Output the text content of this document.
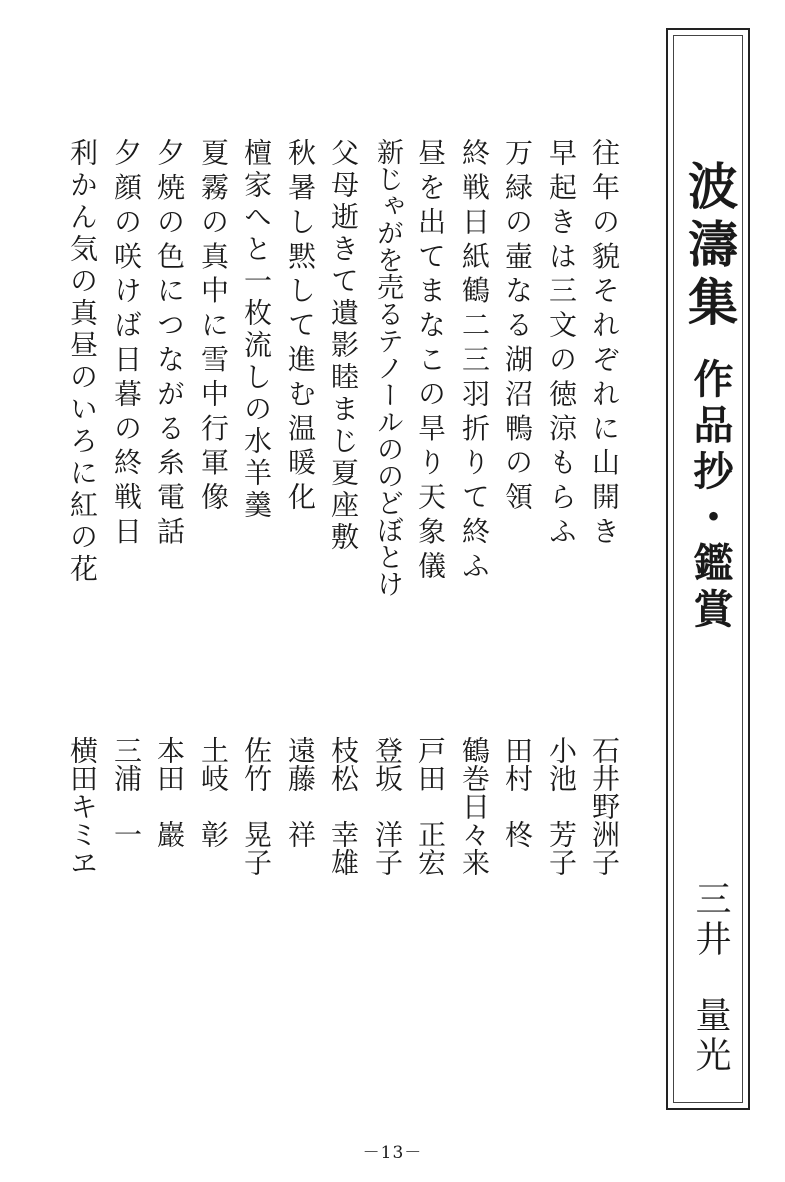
波濤集
作品抄・鑑賞
三井量光
往年の貌それぞれに山開き
石井野洲子
早起きは三文の徳涼もらふ
小池　芳子
万緑の壷なる湖沼鴨の領
田村　柊
終戦日紙鶴二三羽折りて終ふ
鶴巻日々来
昼を出てまなこの旱り天象儀
戸田　正宏
新じゃがを売るテノールののどぼとけ
登坂　洋子
父母逝きて遺影睦まじ夏座敷
枝松　幸雄
秋暑し黙して進む温暖化
遠藤　祥
檀家へと一枚流しの水羊羹
佐竹　晃子
夏霧の真中に雪中行軍像
土岐　彰
夕焼の色につながる糸電話
本田　巖
夕顔の咲けば日暮の終戦日
三浦　一
利かん気の真昼のいろに紅の花
横田キミヱ
－13－
